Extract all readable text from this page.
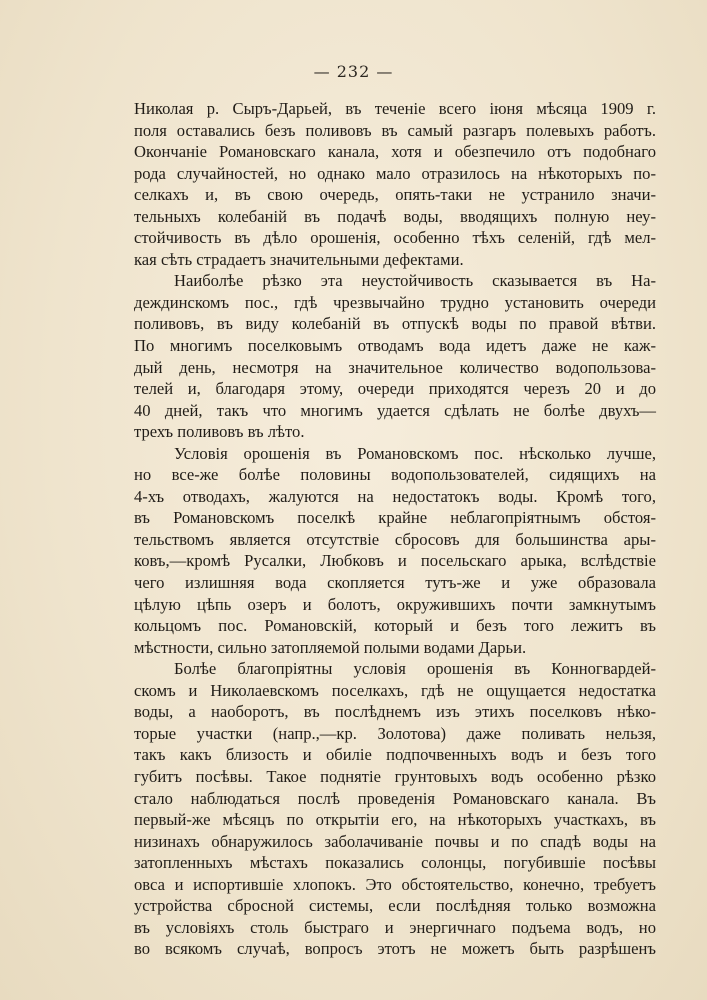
— 232 —
Николая р. Сыръ-Дарьей, въ теченіе всего іюня мѣсяца 1909 г.
поля оставались безъ поливовъ въ самый разгаръ полевыхъ работъ.
Окончаніе Романовскаго канала, хотя и обезпечило отъ подобнаго
рода случайностей, но однако мало отразилось на нѣкоторыхъ по-
селкахъ и, въ свою очередь, опять-таки не устранило значи-
тельныхъ колебаній въ подачѣ воды, вводящихъ полную неу-
стойчивость въ дѣло орошенія, особенно тѣхъ селеній, гдѣ мел-
кая сѣть страдаетъ значительными дефектами.
Наиболѣе рѣзко эта неустойчивость сказывается въ На-
деждинскомъ пос., гдѣ чрезвычайно трудно установить очереди
поливовъ, въ виду колебаній въ отпускѣ воды по правой вѣтви.
По многимъ поселковымъ отводамъ вода идетъ даже не каж-
дый день, несмотря на значительное количество водопользова-
телей и, благодаря этому, очереди приходятся черезъ 20 и до
40 дней, такъ что многимъ удается сдѣлать не болѣе двухъ—
трехъ поливовъ въ лѣто.
Условія орошенія въ Романовскомъ пос. нѣсколько лучше,
но все-же болѣе половины водопользователей, сидящихъ на
4-хъ отводахъ, жалуются на недостатокъ воды. Кромѣ того,
въ Романовскомъ поселкѣ крайне неблагопріятнымъ обстоя-
тельствомъ является отсутствіе сбросовъ для большинства ары-
ковъ,—кромѣ Русалки, Любковъ и посельскаго арыка, вслѣдствіе
чего излишняя вода скопляется тутъ-же и уже образовала
цѣлую цѣпь озеръ и болотъ, окружившихъ почти замкнутымъ
кольцомъ пос. Романовскій, который и безъ того лежитъ въ
мѣстности, сильно затопляемой полыми водами Дарьи.
Болѣе благопріятны условія орошенія въ Конногвардей-
скомъ и Николаевскомъ поселкахъ, гдѣ не ощущается недостатка
воды, а наоборотъ, въ послѣднемъ изъ этихъ поселковъ нѣко-
торые участки (напр.,—кр. Золотова) даже поливать нельзя,
такъ какъ близость и обиліе подпочвенныхъ водъ и безъ того
губитъ посѣвы. Такое поднятіе грунтовыхъ водъ особенно рѣзко
стало наблюдаться послѣ проведенія Романовскаго канала. Въ
первый-же мѣсяцъ по открытіи его, на нѣкоторыхъ участкахъ, въ
низинахъ обнаружилось заболачиваніе почвы и по спадѣ воды на
затопленныхъ мѣстахъ показались солонцы, погубившіе посѣвы
овса и испортившіе хлопокъ. Это обстоятельство, конечно, требуетъ
устройства сбросной системы, если послѣдняя только возможна
въ условіяхъ столь быстраго и энергичнаго подъема водъ, но
во всякомъ случаѣ, вопросъ этотъ не можетъ быть разрѣшенъ
